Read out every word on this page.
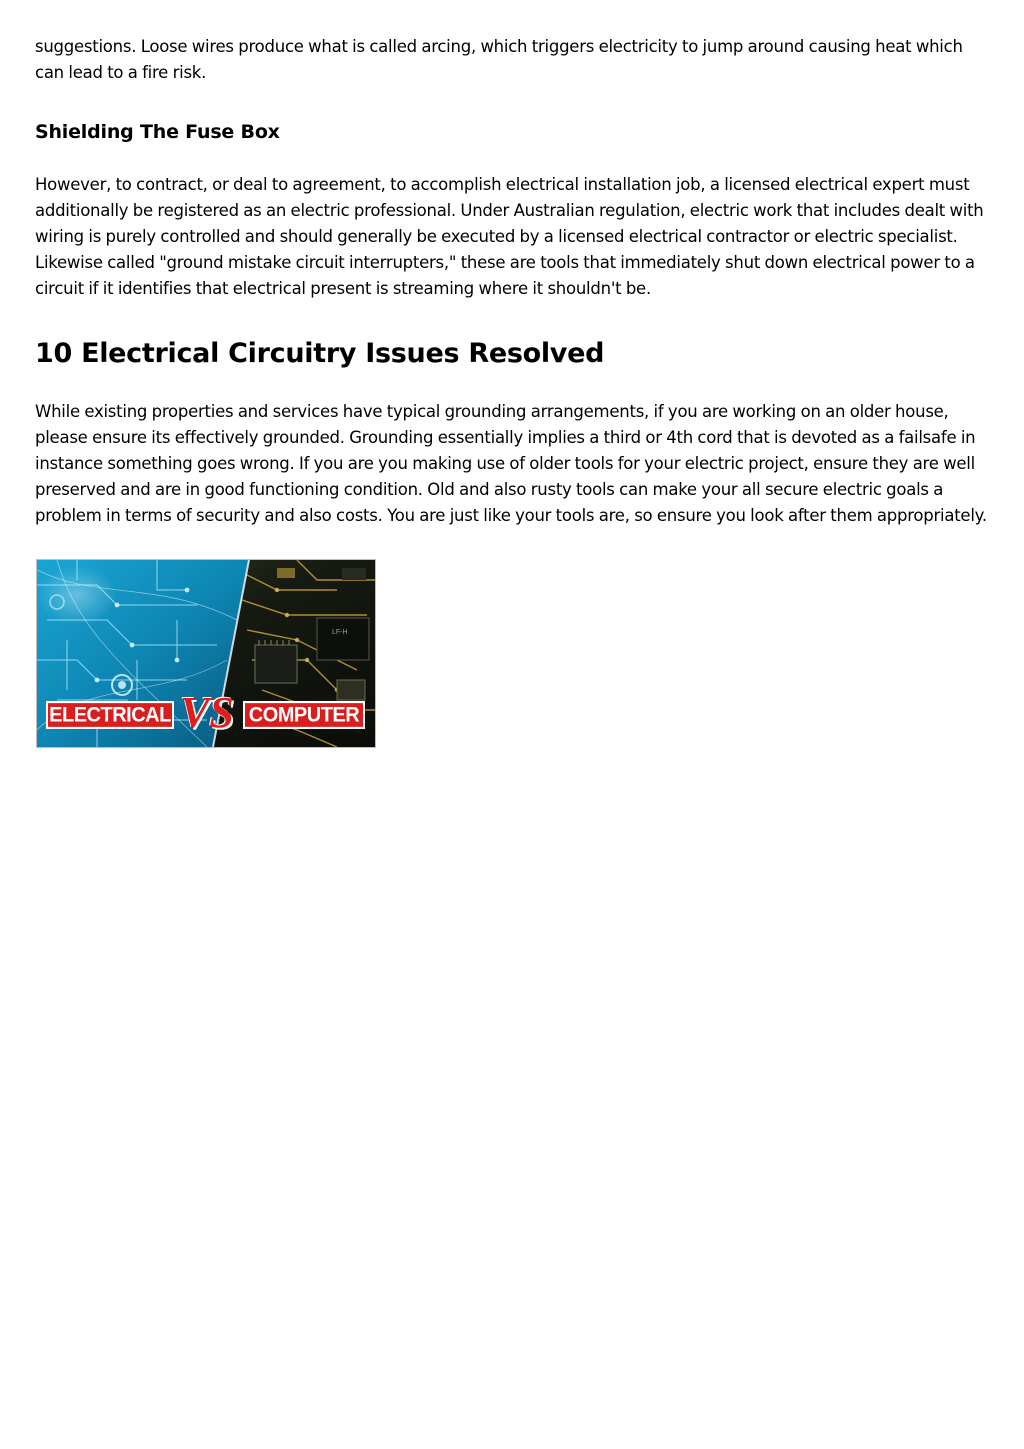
suggestions. Loose wires produce what is called arcing, which triggers electricity to jump around causing heat which can lead to a fire risk.

Shielding The Fuse Box

However, to contract, or deal to agreement, to accomplish electrical installation job, a licensed electrical expert must additionally be registered as an electric professional. Under Australian regulation, electric work that includes dealt with wiring is purely controlled and should generally be executed by a licensed electrical contractor or electric specialist. Likewise called "ground mistake circuit interrupters," these are tools that immediately shut down electrical power to a circuit if it identifies that electrical present is streaming where it shouldn't be.

10 Electrical Circuitry Issues Resolved

While existing properties and services have typical grounding arrangements, if you are working on an older house, please ensure its effectively grounded. Grounding essentially implies a third or 4th cord that is devoted as a failsafe in instance something goes wrong. If you are you making use of older tools for your electric project, ensure they are well preserved and are in good functioning condition. Old and also rusty tools can make your all secure electric goals a problem in terms of security and also costs. You are just like your tools are, so ensure you look after them appropriately.

LF-H
ELECTRICAL VS COMPUTER
